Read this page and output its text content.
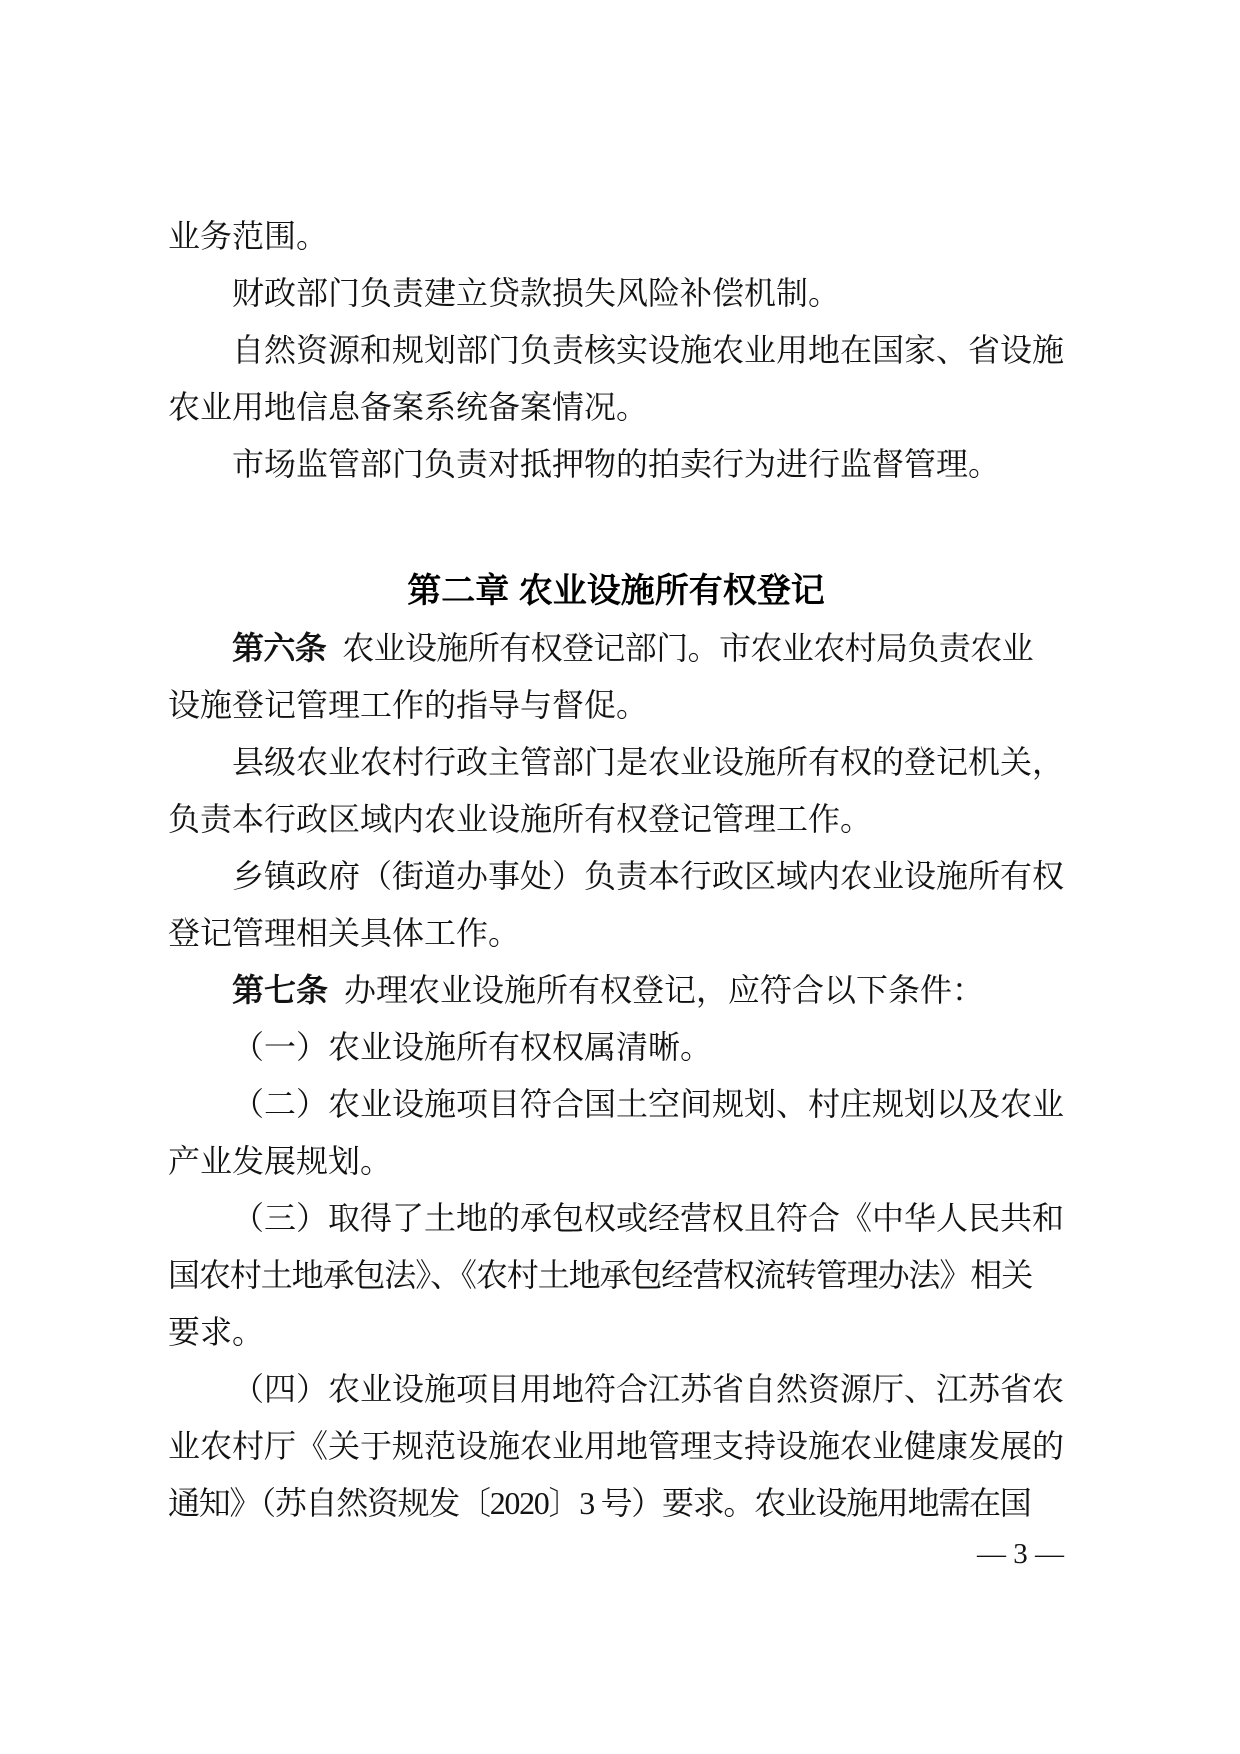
业务范围。
财政部门负责建立贷款损失风险补偿机制。
自然资源和规划部门负责核实设施农业用地在国家、省设施
农业用地信息备案系统备案情况。
市场监管部门负责对抵押物的拍卖行为进行监督管理。
第二章 农业设施所有权登记
第六条 农业设施所有权登记部门。市农业农村局负责农业
设施登记管理工作的指导与督促。
县级农业农村行政主管部门是农业设施所有权的登记机关，
负责本行政区域内农业设施所有权登记管理工作。
乡镇政府（街道办事处）负责本行政区域内农业设施所有权
登记管理相关具体工作。
第七条 办理农业设施所有权登记，应符合以下条件：
（一）农业设施所有权权属清晰。
（二）农业设施项目符合国土空间规划、村庄规划以及农业
产业发展规划。
（三）取得了土地的承包权或经营权且符合《中华人民共和
国农村土地承包法》、《农村土地承包经营权流转管理办法》相关
要求。
（四）农业设施项目用地符合江苏省自然资源厅、江苏省农
业农村厅《关于规范设施农业用地管理支持设施农业健康发展的
通知》（苏自然资规发〔2020〕3 号）要求。农业设施用地需在国
— 3 —
